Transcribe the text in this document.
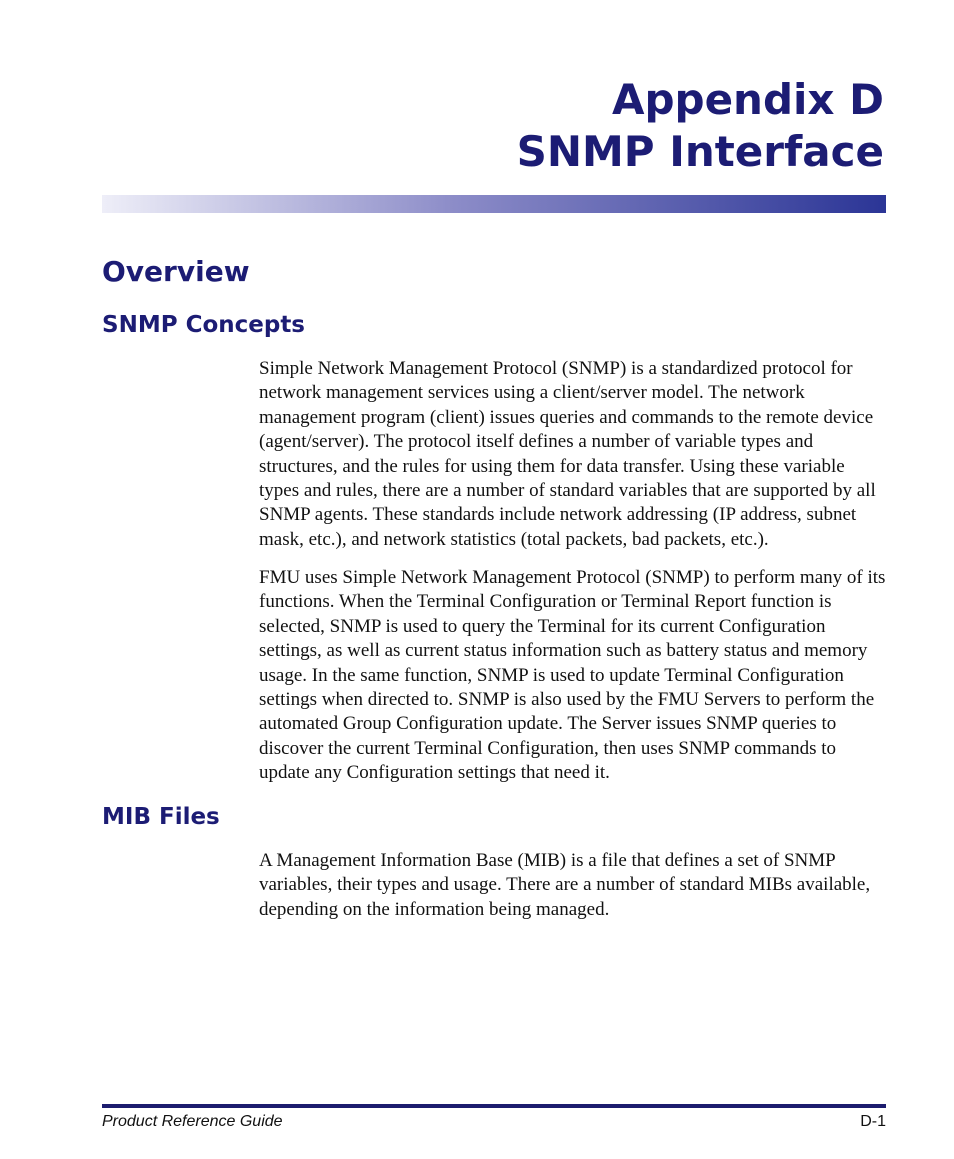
Appendix D
SNMP Interface
Overview
SNMP Concepts

Simple Network Management Protocol (SNMP) is a standardized protocol for network management services using a client/server model. The network management program (client) issues queries and commands to the remote device (agent/server). The protocol itself defines a number of variable types and structures, and the rules for using them for data transfer. Using these variable types and rules, there are a number of standard variables that are supported by all SNMP agents. These standards include network addressing (IP address, subnet mask, etc.), and network statistics (total packets, bad packets, etc.).

FMU uses Simple Network Management Protocol (SNMP) to perform many of its functions. When the Terminal Configuration or Terminal Report function is selected, SNMP is used to query the Terminal for its current Configuration settings, as well as current status information such as battery status and memory usage. In the same function, SNMP is used to update Terminal Configuration settings when directed to. SNMP is also used by the FMU Servers to perform the automated Group Configuration update. The Server issues SNMP queries to discover the current Terminal Configuration, then uses SNMP commands to update any Configuration settings that need it.

MIB Files

A Management Information Base (MIB) is a file that defines a set of SNMP variables, their types and usage. There are a number of standard MIBs available, depending on the information being managed.

Product Reference Guide	D-1
